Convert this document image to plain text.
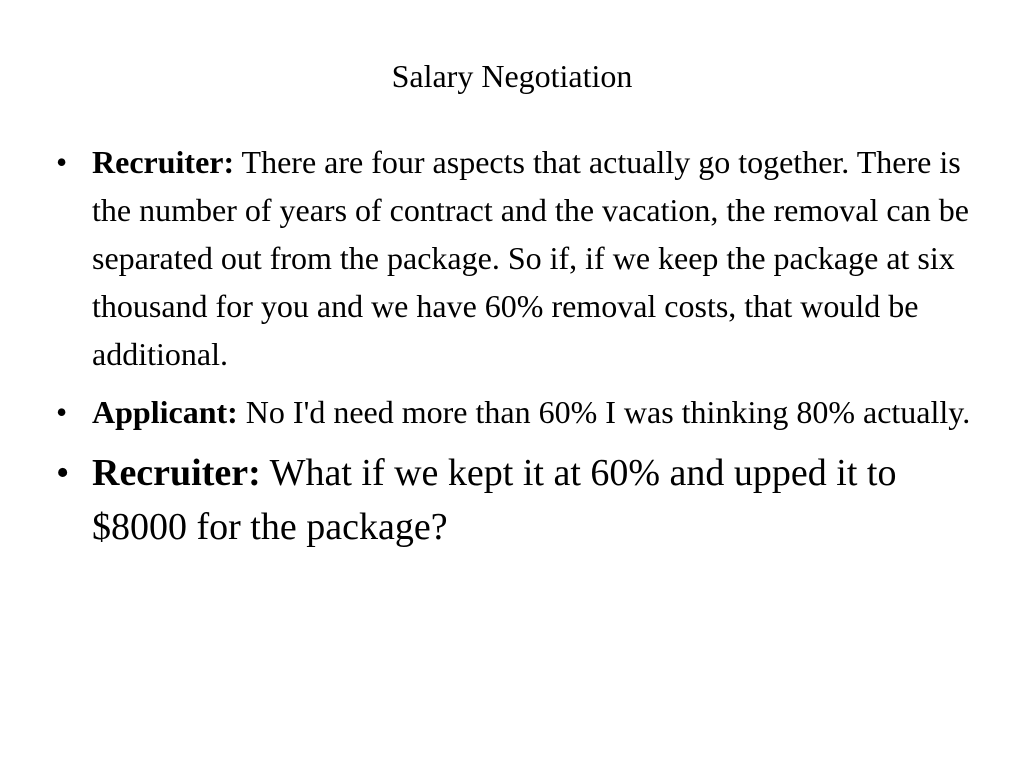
Salary Negotiation
• Recruiter: There are four aspects that actually go together. There is the number of years of contract and the vacation, the removal can be separated out from the package. So if, if we keep the package at six thousand for you and we have 60% removal costs, that would be additional.
• Applicant: No I'd need more than 60% I was thinking 80% actually.
• Recruiter: What if we kept it at 60% and upped it to $8000 for the package?
